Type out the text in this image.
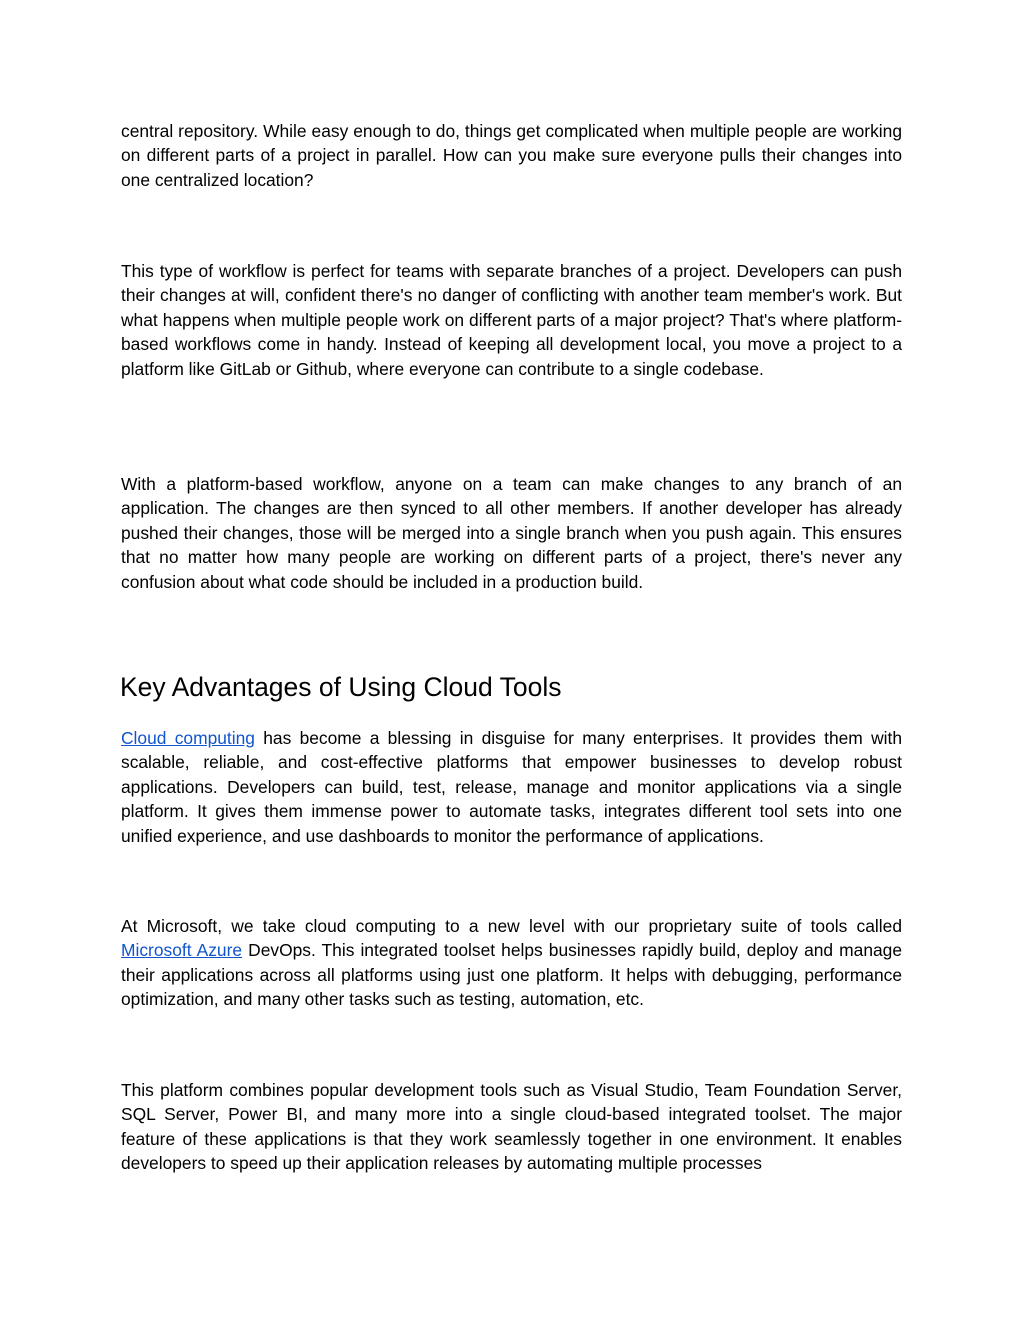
central repository. While easy enough to do, things get complicated when multiple people are working on different parts of a project in parallel. How can you make sure everyone pulls their changes into one centralized location?

This type of workflow is perfect for teams with separate branches of a project. Developers can push their changes at will, confident there's no danger of conflicting with another team member's work. But what happens when multiple people work on different parts of a major project? That's where platform-based workflows come in handy. Instead of keeping all development local, you move a project to a platform like GitLab or Github, where everyone can contribute to a single codebase.

With a platform-based workflow, anyone on a team can make changes to any branch of an application. The changes are then synced to all other members. If another developer has already pushed their changes, those will be merged into a single branch when you push again. This ensures that no matter how many people are working on different parts of a project, there's never any confusion about what code should be included in a production build.

Key Advantages of Using Cloud Tools

Cloud computing has become a blessing in disguise for many enterprises. It provides them with scalable, reliable, and cost-effective platforms that empower businesses to develop robust applications. Developers can build, test, release, manage and monitor applications via a single platform. It gives them immense power to automate tasks, integrates different tool sets into one unified experience, and use dashboards to monitor the performance of applications.

At Microsoft, we take cloud computing to a new level with our proprietary suite of tools called Microsoft Azure DevOps. This integrated toolset helps businesses rapidly build, deploy and manage their applications across all platforms using just one platform. It helps with debugging, performance optimization, and many other tasks such as testing, automation, etc.

This platform combines popular development tools such as Visual Studio, Team Foundation Server, SQL Server, Power BI, and many more into a single cloud-based integrated toolset. The major feature of these applications is that they work seamlessly together in one environment. It enables developers to speed up their application releases by automating multiple processes
